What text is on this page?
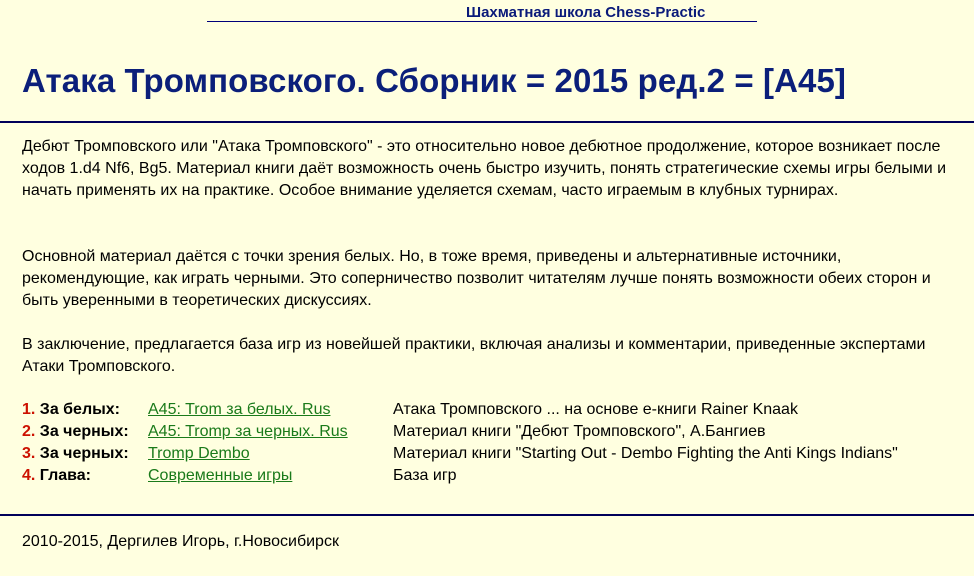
Шахматная школа Chess-Practic
Атака Тромповского. Сборник = 2015 ред.2 = [А45]

Дебют Тромповского или "Атака Тромповского" - это относительно новое дебютное продолжение, которое возникает после ходов 1.d4 Nf6, Bg5. Материал книги даёт возможность очень быстро изучить, понять стратегические схемы игры белыми и начать применять их на практике. Особое внимание уделяется схемам, часто играемым в клубных турнирах.

Основной материал даётся с точки зрения белых. Но, в тоже время, приведены и альтернативные источники, рекомендующие, как играть черными. Это соперничество позволит читателям лучше понять возможности обеих сторон и быть уверенными в теоретических дискуссиях.

В заключение, предлагается база игр из новейшей практики, включая анализы и комментарии, приведенные экспертами Атаки Тромповского.

1. За белых:	A45: Trom за белых. Rus	Атака Тромповского ... на основе е-книги Rainer Knaak
2. За черных:	A45: Tromp за черных. Rus	Материал книги "Дебют Тромповского", А.Бангиев
3. За черных:	Tromp Dembo	Материал книги "Starting Out - Dembo Fighting the Anti Kings Indians"
4. Глава:	Современные игры	База игр
2010-2015, Дергилев Игорь, г.Новосибирск
